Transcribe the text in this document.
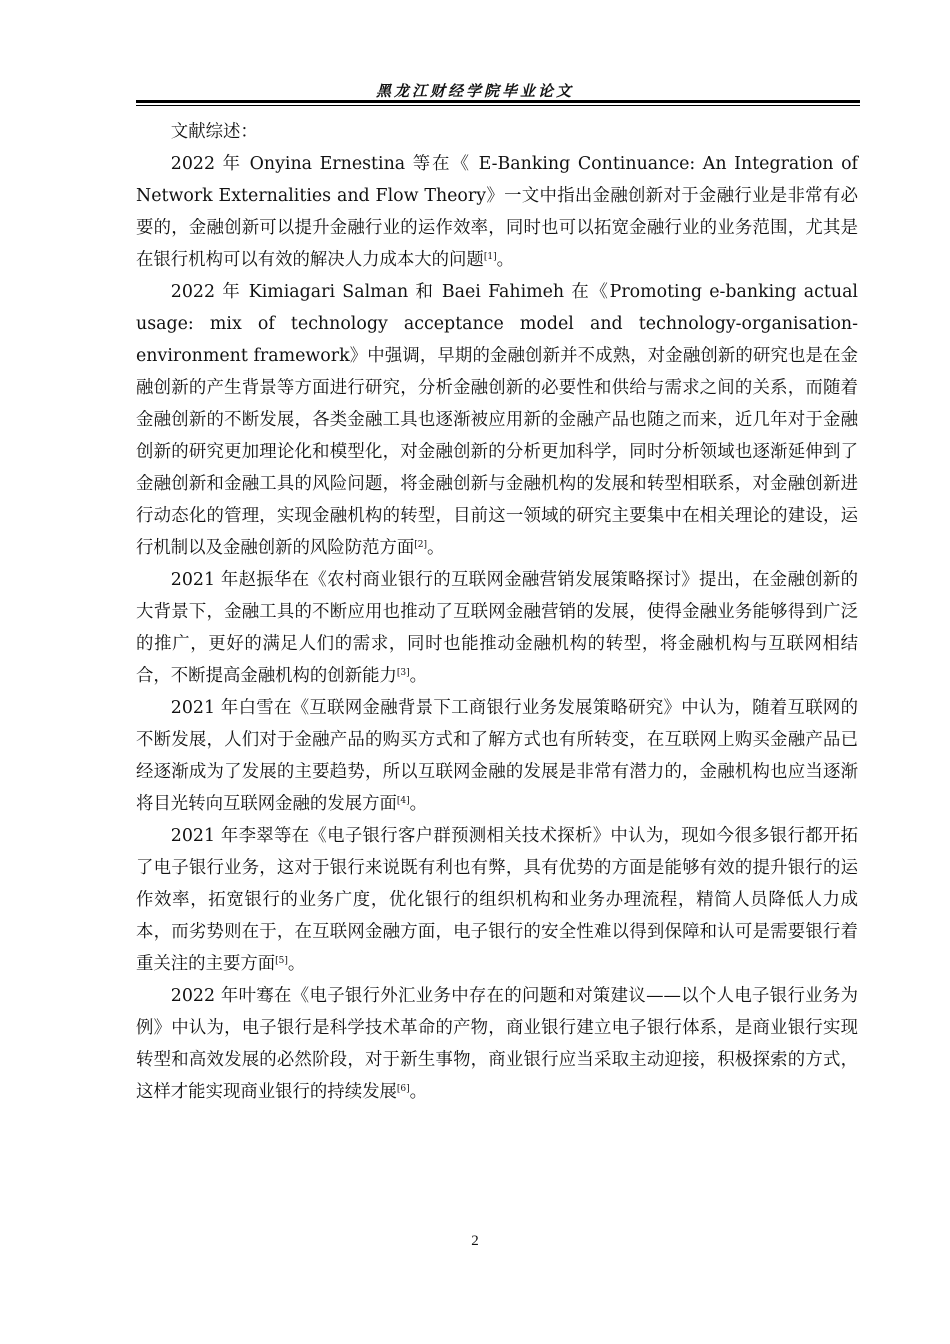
黑龙江财经学院毕业论文

文献综述：

2022 年 Onyina Ernestina 等在《 E-Banking Continuance: An Integration of Network Externalities and Flow Theory》一文中指出金融创新对于金融行业是非常有必要的，金融创新可以提升金融行业的运作效率，同时也可以拓宽金融行业的业务范围，尤其是在银行机构可以有效的解决人力成本大的问题[1]。

2022 年 Kimiagari Salman 和 Baei Fahimeh 在《Promoting e-banking actual usage: mix of technology acceptance model and technology-organisation-environment framework》中强调，早期的金融创新并不成熟，对金融创新的研究也是在金融创新的产生背景等方面进行研究，分析金融创新的必要性和供给与需求之间的关系，而随着金融创新的不断发展，各类金融工具也逐渐被应用新的金融产品也随之而来，近几年对于金融创新的研究更加理论化和模型化，对金融创新的分析更加科学，同时分析领域也逐渐延伸到了金融创新和金融工具的风险问题，将金融创新与金融机构的发展和转型相联系，对金融创新进行动态化的管理，实现金融机构的转型，目前这一领域的研究主要集中在相关理论的建设，运行机制以及金融创新的风险防范方面[2]。

2021 年赵振华在《农村商业银行的互联网金融营销发展策略探讨》提出，在金融创新的大背景下，金融工具的不断应用也推动了互联网金融营销的发展，使得金融业务能够得到广泛的推广，更好的满足人们的需求，同时也能推动金融机构的转型，将金融机构与互联网相结合，不断提高金融机构的创新能力[3]。

2021 年白雪在《互联网金融背景下工商银行业务发展策略研究》中认为，随着互联网的不断发展，人们对于金融产品的购买方式和了解方式也有所转变，在互联网上购买金融产品已经逐渐成为了发展的主要趋势，所以互联网金融的发展是非常有潜力的，金融机构也应当逐渐将目光转向互联网金融的发展方面[4]。

2021 年李翠等在《电子银行客户群预测相关技术探析》中认为，现如今很多银行都开拓了电子银行业务，这对于银行来说既有利也有弊，具有优势的方面是能够有效的提升银行的运作效率，拓宽银行的业务广度，优化银行的组织机构和业务办理流程，精简人员降低人力成本，而劣势则在于，在互联网金融方面，电子银行的安全性难以得到保障和认可是需要银行着重关注的主要方面[5]。

2022 年叶骞在《电子银行外汇业务中存在的问题和对策建议——以个人电子银行业务为例》中认为，电子银行是科学技术革命的产物，商业银行建立电子银行体系，是商业银行实现转型和高效发展的必然阶段，对于新生事物，商业银行应当采取主动迎接，积极探索的方式，这样才能实现商业银行的持续发展[6]。

2
